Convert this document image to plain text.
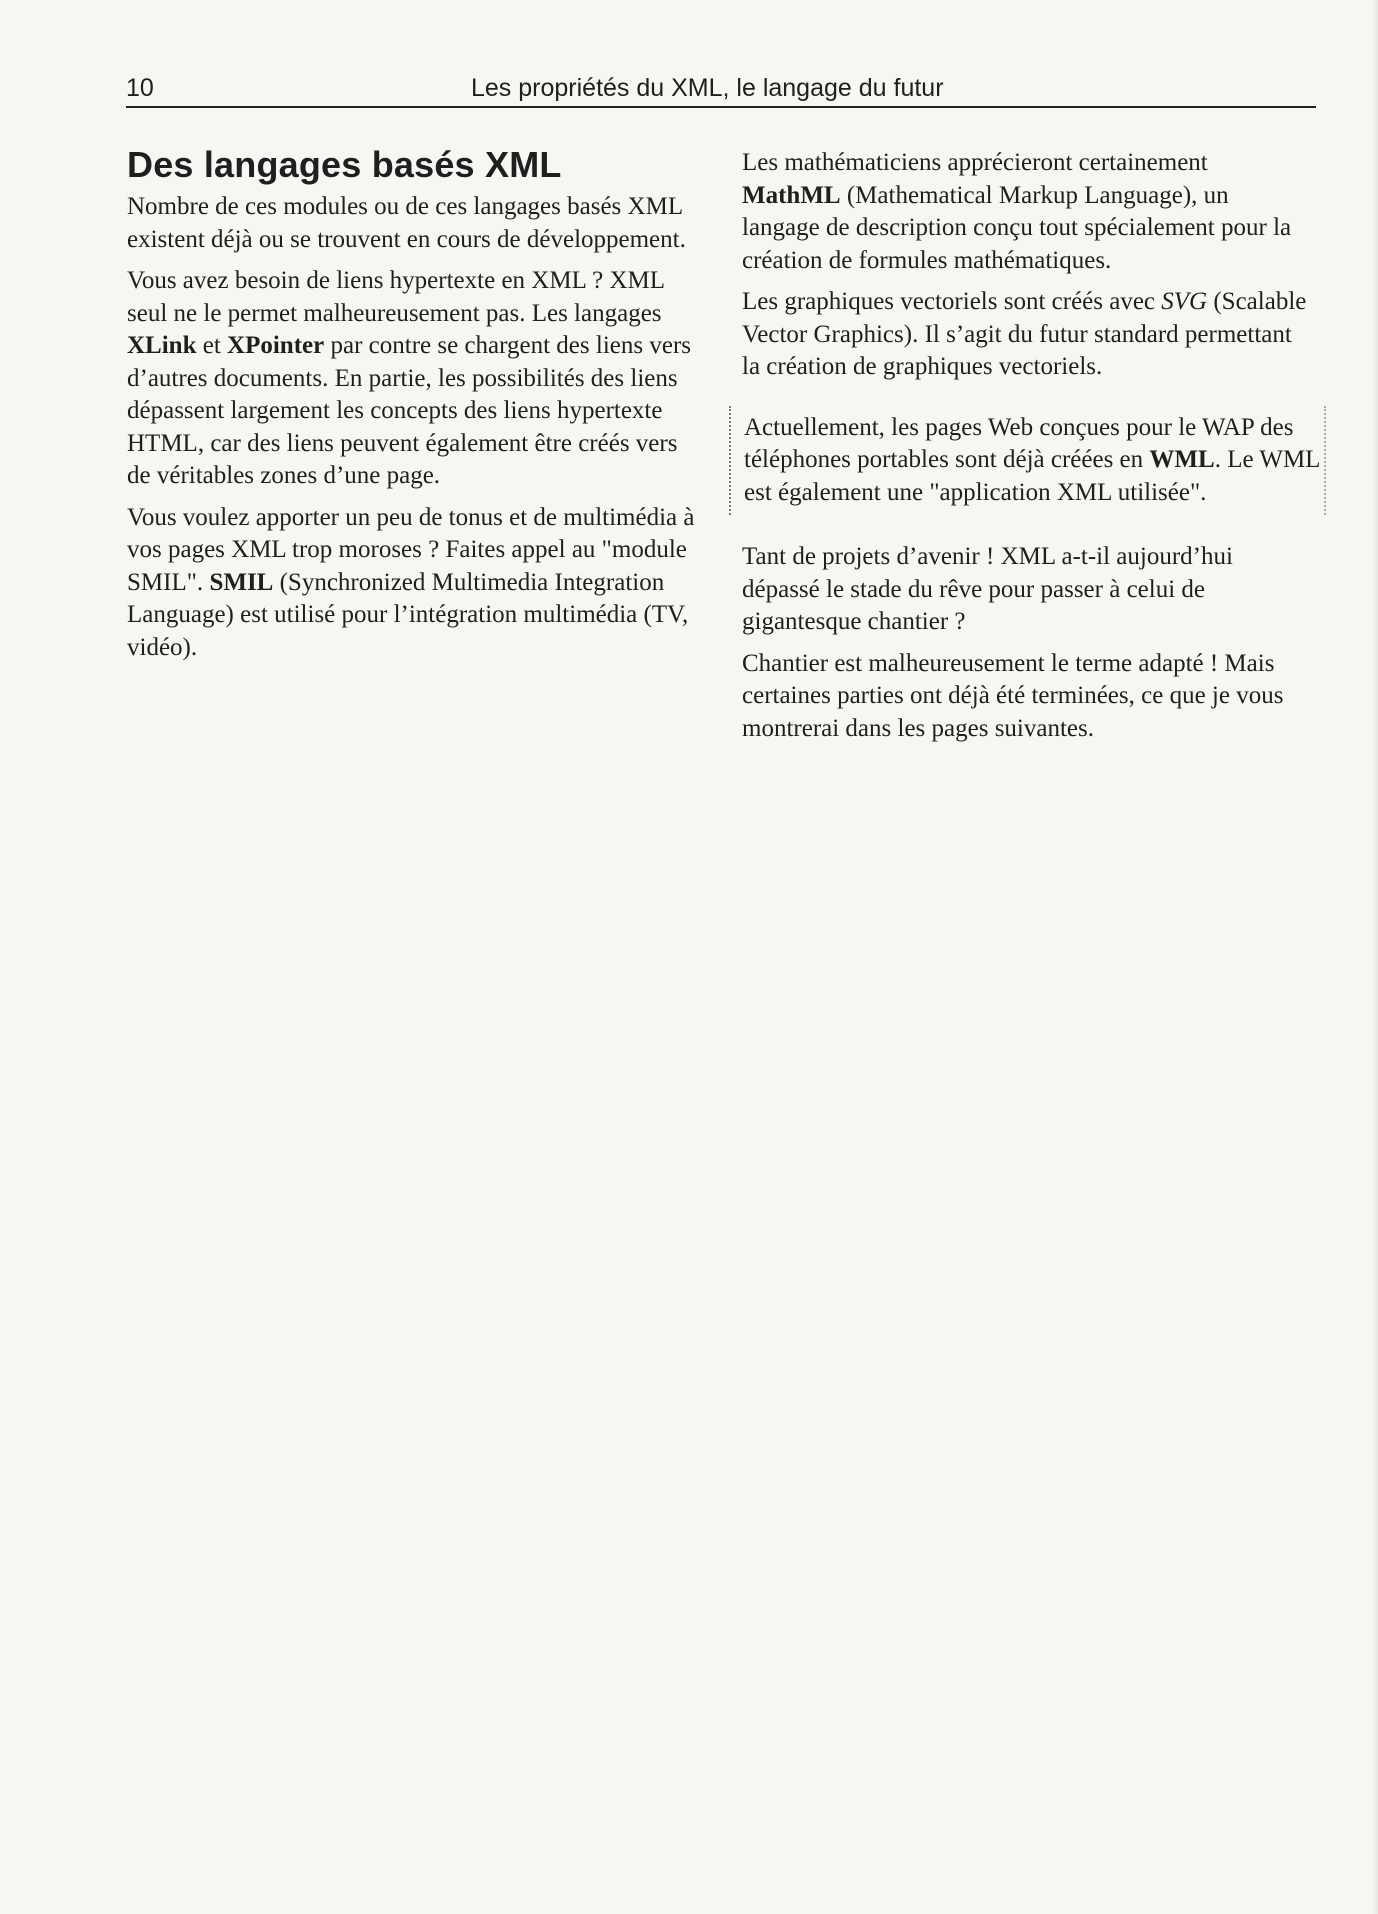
10	Les propriétés du XML, le langage du futur
Des langages basés XML

Nombre de ces modules ou de ces langages basés XML existent déjà ou se trouvent en cours de développement.

Vous avez besoin de liens hypertexte en XML ? XML seul ne le permet malheureusement pas. Les langages XLink et XPointer par contre se chargent des liens vers d’autres documents. En partie, les possibilités des liens dépassent largement les concepts des liens hypertexte HTML, car des liens peuvent également être créés vers de véritables zones d’une page.

Vous voulez apporter un peu de tonus et de multimédia à vos pages XML trop moroses ? Faites appel au "module SMIL". SMIL (Synchronized Multimedia Integration Language) est utilisé pour l’intégration multimédia (TV, vidéo).

Les mathématiciens apprécieront certainement MathML (Mathematical Markup Language), un langage de description conçu tout spécialement pour la création de formules mathématiques.

Les graphiques vectoriels sont créés avec SVG (Scalable Vector Graphics). Il s’agit du futur standard permettant la création de graphiques vectoriels.

Actuellement, les pages Web conçues pour le WAP des téléphones portables sont déjà créées en WML. Le WML est également une "application XML utilisée".

Tant de projets d’avenir ! XML a-t-il aujourd’hui dépassé le stade du rêve pour passer à celui de gigantesque chantier ?

Chantier est malheureusement le terme adapté ! Mais certaines parties ont déjà été terminées, ce que je vous montrerai dans les pages suivantes.
